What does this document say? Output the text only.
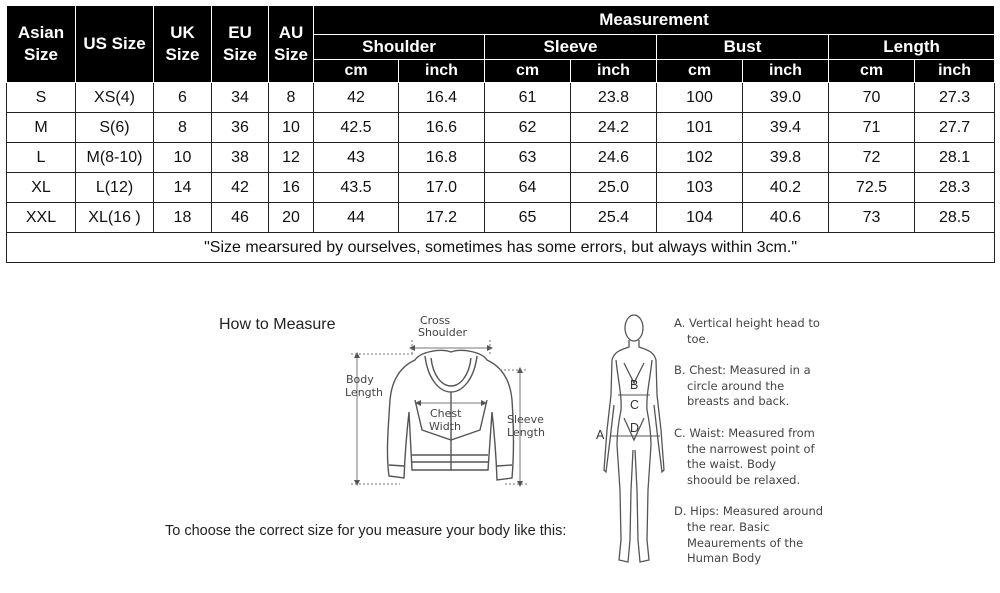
Asian Size	US Size	UK Size	EU Size	AU Size	Measurement							
					Shoulder		Sleeve		Bust		Length	
					cm	inch	cm	inch	cm	inch	cm	inch
S	XS(4)	6	34	8	42	16.4	61	23.8	100	39.0	70	27.3
M	S(6)	8	36	10	42.5	16.6	62	24.2	101	39.4	71	27.7
L	M(8-10)	10	38	12	43	16.8	63	24.6	102	39.8	72	28.1
XL	L(12)	14	42	16	43.5	17.0	64	25.0	103	40.2	72.5	28.3
XXL	XL(16 )	18	46	20	44	17.2	65	25.4	104	40.6	73	28.5
"Size mearsured by ourselves, sometimes has some errors, but always within 3cm."												
How to Measure
To choose the correct size for you measure your body like this:
Cross
Shoulder
Body
Length
Chest
Width
Sleeve
Length
B
C
D
A
A. Vertical height head to toe.
B. Chest: Measured in a circle around the breasts and back.
C. Waist: Measured from the narrowest point of the waist. Body shoould be relaxed.
D. Hips: Measured around the rear. Basic Meaurements of the Human Body
